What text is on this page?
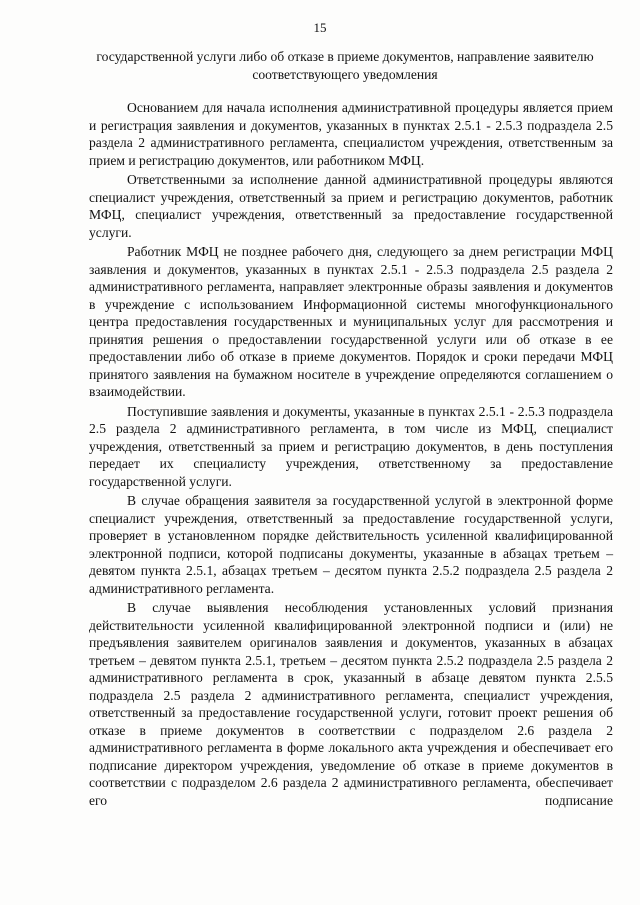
15
государственной услуги либо об отказе в приеме документов, направление заявителю соответствующего уведомления

Основанием для начала исполнения административной процедуры является прием и регистрация заявления и документов, указанных в пунктах 2.5.1 - 2.5.3 подраздела 2.5 раздела 2 административного регламента, специалистом учреждения, ответственным за прием и регистрацию документов, или работником МФЦ.

Ответственными за исполнение данной административной процедуры являются специалист учреждения, ответственный за прием и регистрацию документов, работник МФЦ, специалист учреждения, ответственный за предоставление государственной услуги.

Работник МФЦ не позднее рабочего дня, следующего за днем регистрации МФЦ заявления и документов, указанных в пунктах 2.5.1 - 2.5.3 подраздела 2.5 раздела 2 административного регламента, направляет электронные образы заявления и документов в учреждение с использованием Информационной системы многофункционального центра предоставления государственных и муниципальных услуг для рассмотрения и принятия решения о предоставлении государственной услуги или об отказе в ее предоставлении либо об отказе в приеме документов. Порядок и сроки передачи МФЦ принятого заявления на бумажном носителе в учреждение определяются соглашением о взаимодействии.

Поступившие заявления и документы, указанные в пунктах 2.5.1 - 2.5.3 подраздела 2.5 раздела 2 административного регламента, в том числе из МФЦ, специалист учреждения, ответственный за прием и регистрацию документов, в день поступления передает их специалисту учреждения, ответственному за предоставление государственной услуги.

В случае обращения заявителя за государственной услугой в электронной форме специалист учреждения, ответственный за предоставление государственной услуги, проверяет в установленном порядке действительность усиленной квалифицированной электронной подписи, которой подписаны документы, указанные в абзацах третьем – девятом пункта 2.5.1, абзацах третьем – десятом пункта 2.5.2 подраздела 2.5 раздела 2 административного регламента.

В случае выявления несоблюдения установленных условий признания действительности усиленной квалифицированной электронной подписи и (или) не предъявления заявителем оригиналов заявления и документов, указанных в абзацах третьем – девятом пункта 2.5.1, третьем – десятом пункта 2.5.2 подраздела 2.5 раздела 2 административного регламента в срок, указанный в абзаце девятом пункта 2.5.5 подраздела 2.5 раздела 2 административного регламента, специалист учреждения, ответственный за предоставление государственной услуги, готовит проект решения об отказе в приеме документов в соответствии с подразделом 2.6 раздела 2 административного регламента в форме локального акта учреждения и обеспечивает его подписание директором учреждения, уведомление об отказе в приеме документов в соответствии с подразделом 2.6 раздела 2 административного регламента, обеспечивает его подписание
